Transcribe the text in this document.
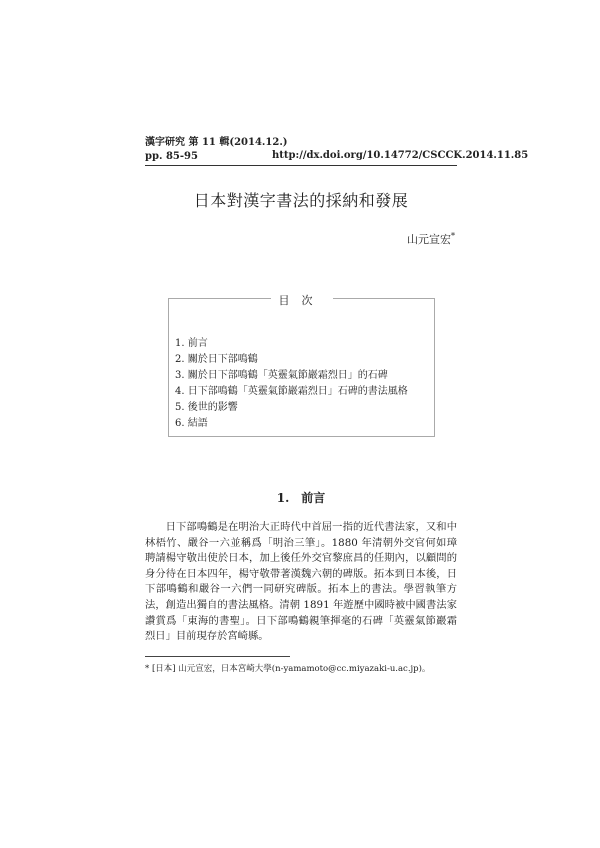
漢字研究 第 11 輯(2014.12.)
pp. 85-95	http://dx.doi.org/10.14772/CSCCK.2014.11.85
日本對漢字書法的採納和發展
山元宣宏*
目次
1. 前言
2. 關於日下部鳴鶴
3. 關於日下部鳴鶴「英靈氣節巖霜烈日」的石碑
4. 日下部鳴鶴「英靈氣節巖霜烈日」石碑的書法風格
5. 後世的影響
6. 結語
1.　前言

日下部鳴鶴是在明治大正時代中首屈一指的近代書法家，又和中林梧竹、嚴谷一六並稱爲「明治三筆」。1880 年清朝外交官何如璋聘請楊守敬出使於日本，加上後任外交官黎庶昌的任期內，以顧問的身分待在日本四年，楊守敬帶著漢魏六朝的碑版。拓本到日本後，日下部鳴鶴和嚴谷一六們一同研究碑版。拓本上的書法。學習執筆方法，創造出獨自的書法風格。清朝 1891 年遊歷中國時被中國書法家讚賞爲「東海的書聖」。日下部鳴鶴親筆揮毫的石碑「英靈氣節巖霜烈日」目前現存於宮崎縣。

* [日本] 山元宣宏，日本宮崎大學(n-yamamoto@cc.miyazaki-u.ac.jp)。
